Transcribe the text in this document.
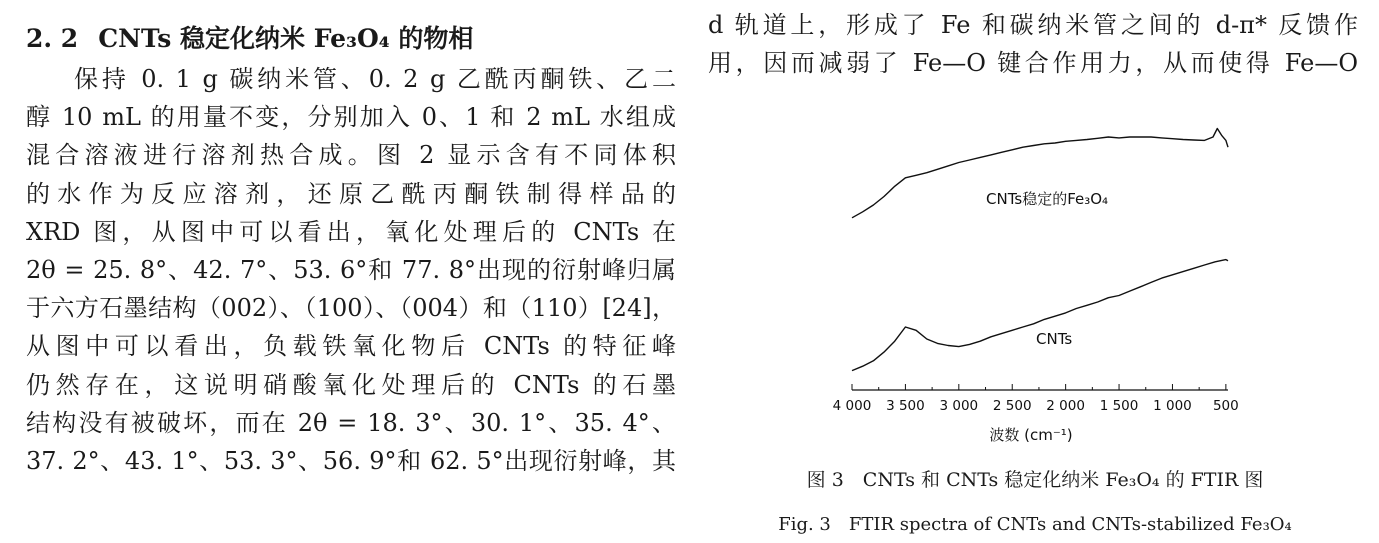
2. 2 CNTs 稳定化纳米 Fe₃O₄ 的物相

保持 0. 1 g 碳纳米管、0. 2 g 乙酰丙酮铁、乙二
醇 10 mL 的用量不变，分别加入 0、1 和 2 mL 水组成
混合溶液进行溶剂热合成。图 2 显示含有不同体积
的水作为反应溶剂，还原乙酰丙酮铁制得样品的
XRD 图，从图中可以看出，氧化处理后的 CNTs 在
2θ = 25. 8°、42. 7°、53. 6°和 77. 8°出现的衍射峰归属
于六方石墨结构（002）、（100）、（004）和（110）[24]，
从图中可以看出，负载铁氧化物后 CNTs 的特征峰
仍然存在，这说明硝酸氧化处理后的 CNTs 的石墨
结构没有被破坏，而在 2θ = 18. 3°、30. 1°、35. 4°、
37. 2°、43. 1°、53. 3°、56. 9°和 62. 5°出现衍射峰，其

d 轨道上，形成了 Fe 和碳纳米管之间的 d-π* 反馈作
用，因而减弱了 Fe—O 键合作用力，从而使得 Fe—O

CNTs稳定的Fe₃O₄
CNTs
4 000 3 500 3 000 2 500 2 000 1 500 1 000 500
波数 (cm⁻¹)
图 3　CNTs 和 CNTs 稳定化纳米 Fe₃O₄ 的 FTIR 图
Fig. 3　FTIR spectra of CNTs and CNTs-stabilized Fe₃O₄
